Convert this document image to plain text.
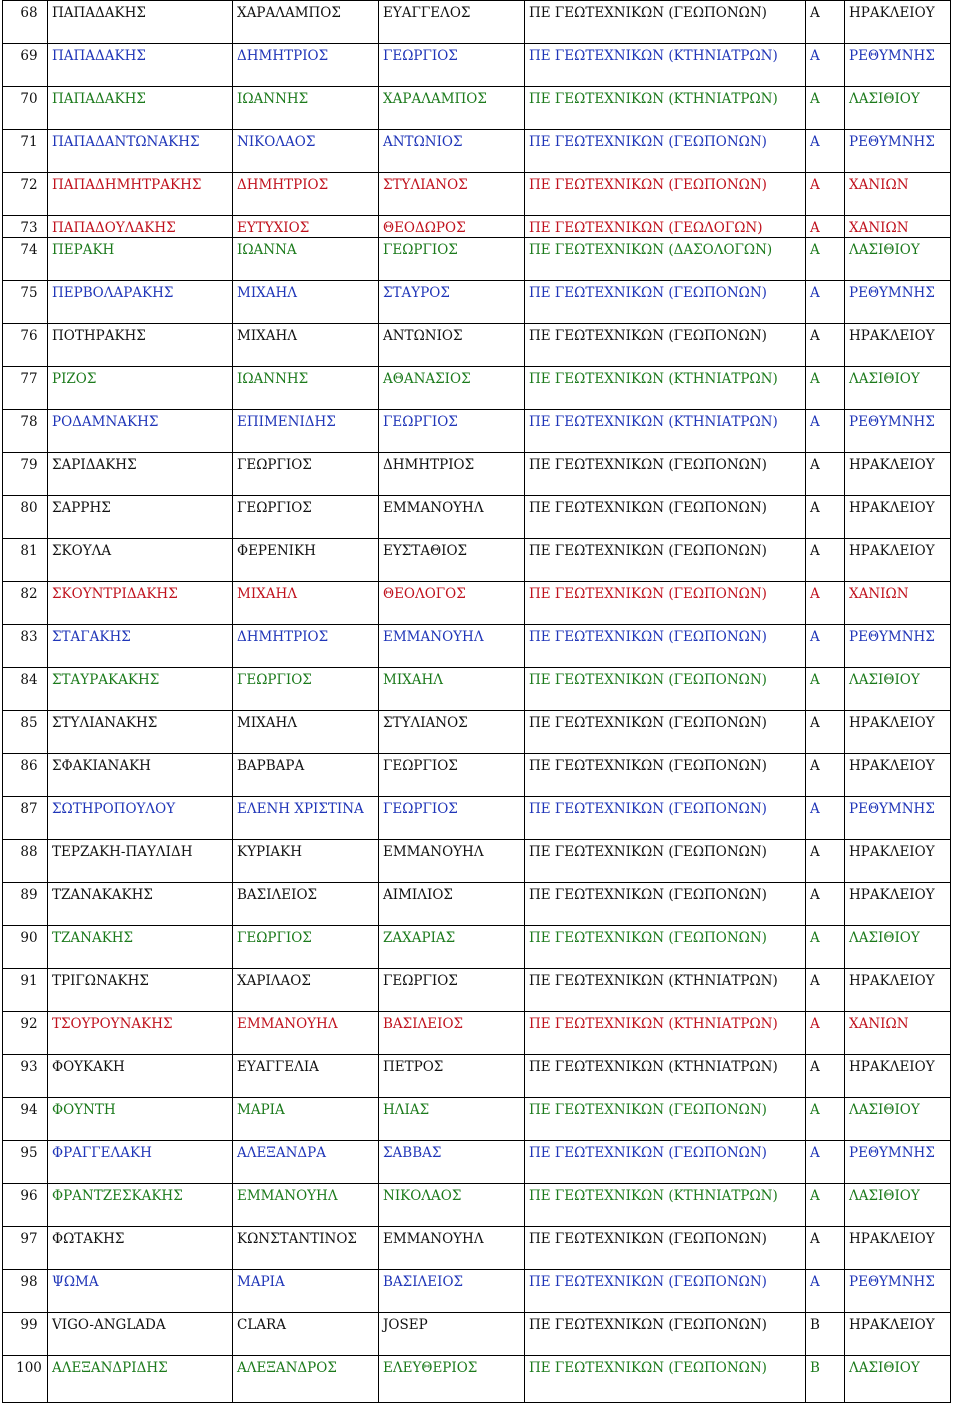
68	ΠΑΠΑΔΑΚΗΣ	ΧΑΡΑΛΑΜΠΟΣ	ΕΥΑΓΓΕΛΟΣ	ΠΕ ΓΕΩΤΕΧΝΙΚΩΝ (ΓΕΩΠΟΝΩΝ)	Α	ΗΡΑΚΛΕΙΟΥ
69	ΠΑΠΑΔΑΚΗΣ	ΔΗΜΗΤΡΙΟΣ	ΓΕΩΡΓΙΟΣ	ΠΕ ΓΕΩΤΕΧΝΙΚΩΝ (ΚΤΗΝΙΑΤΡΩΝ)	Α	ΡΕΘΥΜΝΗΣ
70	ΠΑΠΑΔΑΚΗΣ	ΙΩΑΝΝΗΣ	ΧΑΡΑΛΑΜΠΟΣ	ΠΕ ΓΕΩΤΕΧΝΙΚΩΝ (ΚΤΗΝΙΑΤΡΩΝ)	Α	ΛΑΣΙΘΙΟΥ
71	ΠΑΠΑΔΑΝΤΩΝΑΚΗΣ	ΝΙΚΟΛΑΟΣ	ΑΝΤΩΝΙΟΣ	ΠΕ ΓΕΩΤΕΧΝΙΚΩΝ (ΓΕΩΠΟΝΩΝ)	Α	ΡΕΘΥΜΝΗΣ
72	ΠΑΠΑΔΗΜΗΤΡΑΚΗΣ	ΔΗΜΗΤΡΙΟΣ	ΣΤΥΛΙΑΝΟΣ	ΠΕ ΓΕΩΤΕΧΝΙΚΩΝ (ΓΕΩΠΟΝΩΝ)	Α	ΧΑΝΙΩΝ
73	ΠΑΠΑΔΟΥΛΑΚΗΣ	ΕΥΤΥΧΙΟΣ	ΘΕΟΔΩΡΟΣ	ΠΕ ΓΕΩΤΕΧΝΙΚΩΝ (ΓΕΩΛΟΓΩΝ)	Α	ΧΑΝΙΩΝ
74	ΠΕΡΑΚΗ	ΙΩΑΝΝΑ	ΓΕΩΡΓΙΟΣ	ΠΕ ΓΕΩΤΕΧΝΙΚΩΝ (ΔΑΣΟΛΟΓΩΝ)	Α	ΛΑΣΙΘΙΟΥ
75	ΠΕΡΒΟΛΑΡΑΚΗΣ	ΜΙΧΑΗΛ	ΣΤΑΥΡΟΣ	ΠΕ ΓΕΩΤΕΧΝΙΚΩΝ (ΓΕΩΠΟΝΩΝ)	Α	ΡΕΘΥΜΝΗΣ
76	ΠΟΤΗΡΑΚΗΣ	ΜΙΧΑΗΛ	ΑΝΤΩΝΙΟΣ	ΠΕ ΓΕΩΤΕΧΝΙΚΩΝ (ΓΕΩΠΟΝΩΝ)	Α	ΗΡΑΚΛΕΙΟΥ
77	ΡΙΖΟΣ	ΙΩΑΝΝΗΣ	ΑΘΑΝΑΣΙΟΣ	ΠΕ ΓΕΩΤΕΧΝΙΚΩΝ (ΚΤΗΝΙΑΤΡΩΝ)	Α	ΛΑΣΙΘΙΟΥ
78	ΡΟΔΑΜΝΑΚΗΣ	ΕΠΙΜΕΝΙΔΗΣ	ΓΕΩΡΓΙΟΣ	ΠΕ ΓΕΩΤΕΧΝΙΚΩΝ (ΚΤΗΝΙΑΤΡΩΝ)	Α	ΡΕΘΥΜΝΗΣ
79	ΣΑΡΙΔΑΚΗΣ	ΓΕΩΡΓΙΟΣ	ΔΗΜΗΤΡΙΟΣ	ΠΕ ΓΕΩΤΕΧΝΙΚΩΝ (ΓΕΩΠΟΝΩΝ)	Α	ΗΡΑΚΛΕΙΟΥ
80	ΣΑΡΡΗΣ	ΓΕΩΡΓΙΟΣ	ΕΜΜΑΝΟΥΗΛ	ΠΕ ΓΕΩΤΕΧΝΙΚΩΝ (ΓΕΩΠΟΝΩΝ)	Α	ΗΡΑΚΛΕΙΟΥ
81	ΣΚΟΥΛΑ	ΦΕΡΕΝΙΚΗ	ΕΥΣΤΑΘΙΟΣ	ΠΕ ΓΕΩΤΕΧΝΙΚΩΝ (ΓΕΩΠΟΝΩΝ)	Α	ΗΡΑΚΛΕΙΟΥ
82	ΣΚΟΥΝΤΡΙΔΑΚΗΣ	ΜΙΧΑΗΛ	ΘΕΟΛΟΓΟΣ	ΠΕ ΓΕΩΤΕΧΝΙΚΩΝ (ΓΕΩΠΟΝΩΝ)	Α	ΧΑΝΙΩΝ
83	ΣΤΑΓΑΚΗΣ	ΔΗΜΗΤΡΙΟΣ	ΕΜΜΑΝΟΥΗΛ	ΠΕ ΓΕΩΤΕΧΝΙΚΩΝ (ΓΕΩΠΟΝΩΝ)	Α	ΡΕΘΥΜΝΗΣ
84	ΣΤΑΥΡΑΚΑΚΗΣ	ΓΕΩΡΓΙΟΣ	ΜΙΧΑΗΛ	ΠΕ ΓΕΩΤΕΧΝΙΚΩΝ (ΓΕΩΠΟΝΩΝ)	Α	ΛΑΣΙΘΙΟΥ
85	ΣΤΥΛΙΑΝΑΚΗΣ	ΜΙΧΑΗΛ	ΣΤΥΛΙΑΝΟΣ	ΠΕ ΓΕΩΤΕΧΝΙΚΩΝ (ΓΕΩΠΟΝΩΝ)	Α	ΗΡΑΚΛΕΙΟΥ
86	ΣΦΑΚΙΑΝΑΚΗ	ΒΑΡΒΑΡΑ	ΓΕΩΡΓΙΟΣ	ΠΕ ΓΕΩΤΕΧΝΙΚΩΝ (ΓΕΩΠΟΝΩΝ)	Α	ΗΡΑΚΛΕΙΟΥ
87	ΣΩΤΗΡΟΠΟΥΛΟΥ	ΕΛΕΝΗ ΧΡΙΣΤΙΝΑ	ΓΕΩΡΓΙΟΣ	ΠΕ ΓΕΩΤΕΧΝΙΚΩΝ (ΓΕΩΠΟΝΩΝ)	Α	ΡΕΘΥΜΝΗΣ
88	ΤΕΡΖΑΚΗ-ΠΑΥΛΙΔΗ	ΚΥΡΙΑΚΗ	ΕΜΜΑΝΟΥΗΛ	ΠΕ ΓΕΩΤΕΧΝΙΚΩΝ (ΓΕΩΠΟΝΩΝ)	Α	ΗΡΑΚΛΕΙΟΥ
89	ΤΖΑΝΑΚΑΚΗΣ	ΒΑΣΙΛΕΙΟΣ	ΑΙΜΙΛΙΟΣ	ΠΕ ΓΕΩΤΕΧΝΙΚΩΝ (ΓΕΩΠΟΝΩΝ)	Α	ΗΡΑΚΛΕΙΟΥ
90	ΤΖΑΝΑΚΗΣ	ΓΕΩΡΓΙΟΣ	ΖΑΧΑΡΙΑΣ	ΠΕ ΓΕΩΤΕΧΝΙΚΩΝ (ΓΕΩΠΟΝΩΝ)	Α	ΛΑΣΙΘΙΟΥ
91	ΤΡΙΓΩΝΑΚΗΣ	ΧΑΡΙΛΑΟΣ	ΓΕΩΡΓΙΟΣ	ΠΕ ΓΕΩΤΕΧΝΙΚΩΝ (ΚΤΗΝΙΑΤΡΩΝ)	Α	ΗΡΑΚΛΕΙΟΥ
92	ΤΣΟΥΡΟΥΝΑΚΗΣ	ΕΜΜΑΝΟΥΗΛ	ΒΑΣΙΛΕΙΟΣ	ΠΕ ΓΕΩΤΕΧΝΙΚΩΝ (ΚΤΗΝΙΑΤΡΩΝ)	Α	ΧΑΝΙΩΝ
93	ΦΟΥΚΑΚΗ	ΕΥΑΓΓΕΛΙΑ	ΠΕΤΡΟΣ	ΠΕ ΓΕΩΤΕΧΝΙΚΩΝ (ΚΤΗΝΙΑΤΡΩΝ)	Α	ΗΡΑΚΛΕΙΟΥ
94	ΦΟΥΝΤΗ	ΜΑΡΙΑ	ΗΛΙΑΣ	ΠΕ ΓΕΩΤΕΧΝΙΚΩΝ (ΓΕΩΠΟΝΩΝ)	Α	ΛΑΣΙΘΙΟΥ
95	ΦΡΑΓΓΕΛΑΚΗ	ΑΛΕΞΑΝΔΡΑ	ΣΑΒΒΑΣ	ΠΕ ΓΕΩΤΕΧΝΙΚΩΝ (ΓΕΩΠΟΝΩΝ)	Α	ΡΕΘΥΜΝΗΣ
96	ΦΡΑΝΤΖΕΣΚΑΚΗΣ	ΕΜΜΑΝΟΥΗΛ	ΝΙΚΟΛΑΟΣ	ΠΕ ΓΕΩΤΕΧΝΙΚΩΝ (ΚΤΗΝΙΑΤΡΩΝ)	Α	ΛΑΣΙΘΙΟΥ
97	ΦΩΤΑΚΗΣ	ΚΩΝΣΤΑΝΤΙΝΟΣ	ΕΜΜΑΝΟΥΗΛ	ΠΕ ΓΕΩΤΕΧΝΙΚΩΝ (ΓΕΩΠΟΝΩΝ)	Α	ΗΡΑΚΛΕΙΟΥ
98	ΨΩΜΑ	ΜΑΡΙΑ	ΒΑΣΙΛΕΙΟΣ	ΠΕ ΓΕΩΤΕΧΝΙΚΩΝ (ΓΕΩΠΟΝΩΝ)	Α	ΡΕΘΥΜΝΗΣ
99	VIGO-ANGLADA	CLARA	JOSEP	ΠΕ ΓΕΩΤΕΧΝΙΚΩΝ (ΓΕΩΠΟΝΩΝ)	Β	ΗΡΑΚΛΕΙΟΥ
100	ΑΛΕΞΑΝΔΡΙΔΗΣ	ΑΛΕΞΑΝΔΡΟΣ	ΕΛΕΥΘΕΡΙΟΣ	ΠΕ ΓΕΩΤΕΧΝΙΚΩΝ (ΓΕΩΠΟΝΩΝ)	Β	ΛΑΣΙΘΙΟΥ
